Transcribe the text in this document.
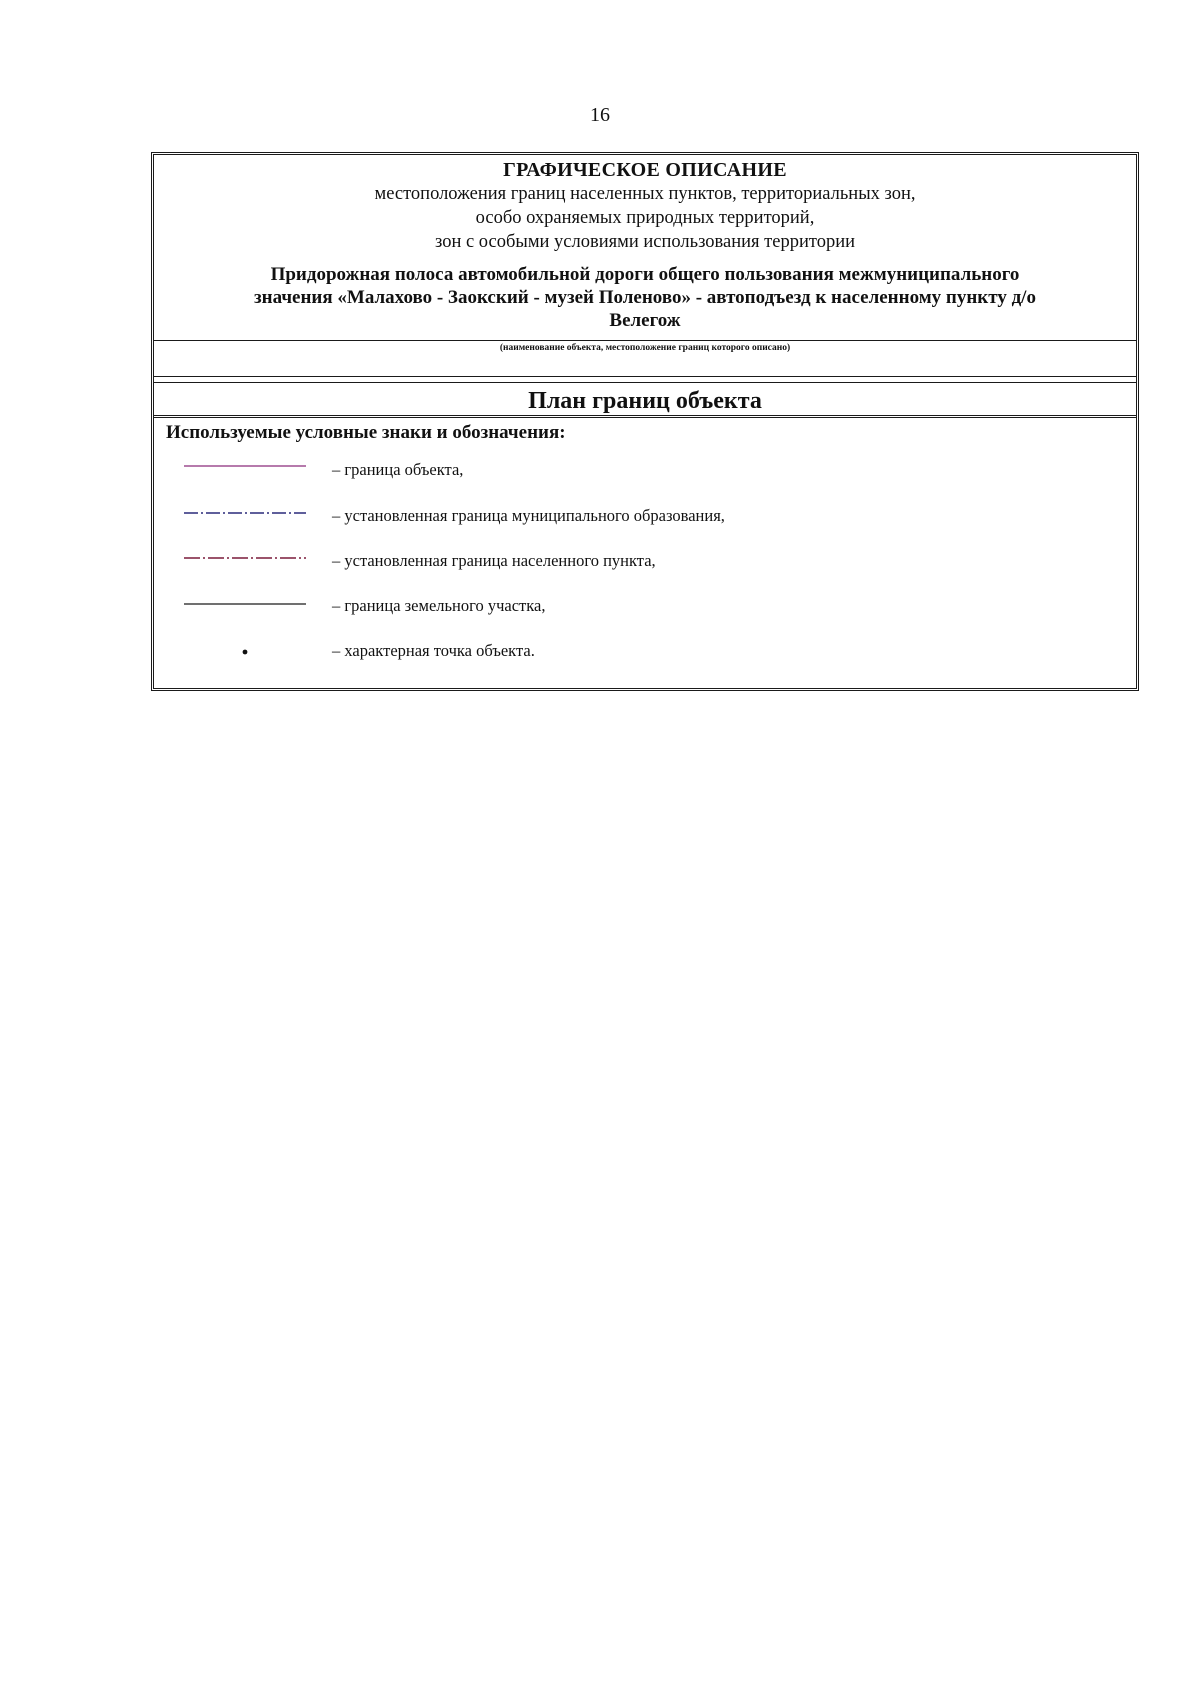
16
ГРАФИЧЕСКОЕ ОПИСАНИЕ
местоположения границ населенных пунктов, территориальных зон,
особо охраняемых природных территорий,
зон с особыми условиями использования территории
Придорожная полоса автомобильной дороги общего пользования межмуниципального
значения «Малахово - Заокский - музей Поленово» - автоподъезд к населенному пункту д/о
Велегож
(наименование объекта, местоположение границ которого описано)
План границ объекта
Используемые условные знаки и обозначения:
– граница объекта,
– установленная граница муниципального образования,
– установленная граница населенного пункта,
– граница земельного участка,
– характерная точка объекта.
